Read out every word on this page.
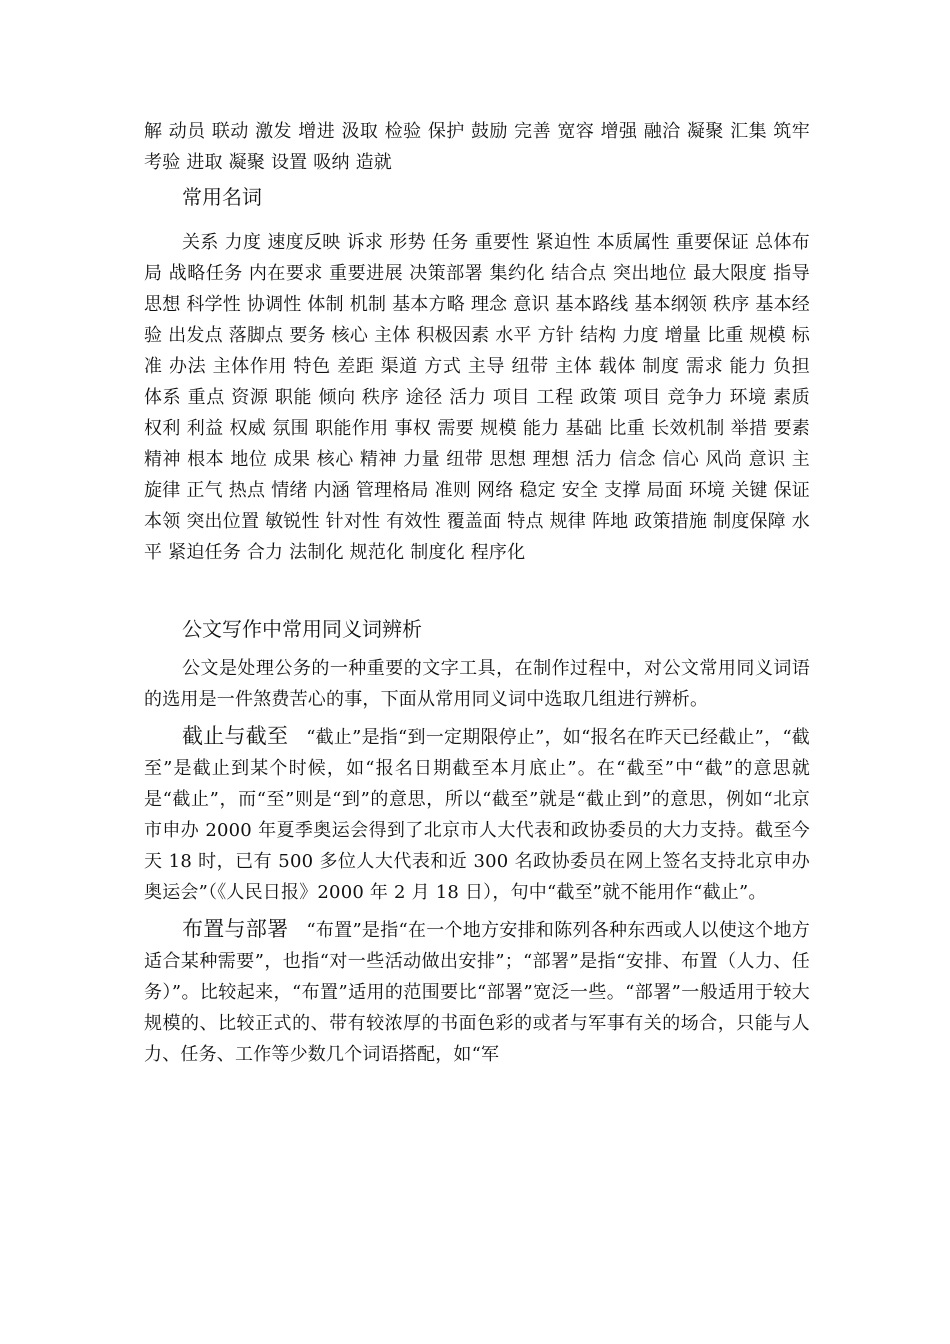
解 动员 联动 激发 增进 汲取 检验 保护 鼓励 完善 宽容 增强 融洽 凝聚 汇集 筑牢 考验 进取 凝聚 设置 吸纳 造就

常用名词

关系 力度 速度反映 诉求 形势 任务 重要性 紧迫性 本质属性 重要保证 总体布局 战略任务 内在要求 重要进展 决策部署 集约化 结合点 突出地位 最大限度 指导思想 科学性 协调性 体制 机制 基本方略 理念 意识 基本路线 基本纲领 秩序 基本经验 出发点 落脚点 要务 核心 主体 积极因素 水平 方针 结构 力度 增量 比重 规模 标准 办法 主体作用 特色 差距 渠道 方式 主导 纽带 主体 载体 制度 需求 能力 负担 体系 重点 资源 职能 倾向 秩序 途径 活力 项目 工程 政策 项目 竞争力 环境 素质 权利 利益 权威 氛围 职能作用 事权 需要 规模 能力 基础 比重 长效机制 举措 要素 精神 根本 地位 成果 核心 精神 力量 纽带 思想 理想 活力 信念 信心 风尚 意识 主旋律 正气 热点 情绪 内涵 管理格局 准则 网络 稳定 安全 支撑 局面 环境 关键 保证 本领 突出位置 敏锐性 针对性 有效性 覆盖面 特点 规律 阵地 政策措施 制度保障 水平 紧迫任务 合力 法制化 规范化 制度化 程序化

公文写作中常用同义词辨析

公文是处理公务的一种重要的文字工具，在制作过程中，对公文常用同义词语的选用是一件煞费苦心的事，下面从常用同义词中选取几组进行辨析。

截止与截至 “截止”是指“到一定期限停止”，如“报名在昨天已经截止”，“截至”是截止到某个时候，如“报名日期截至本月底止”。在“截至”中“截”的意思就是“截止”，而“至”则是“到”的意思，所以“截至”就是“截止到”的意思，例如“北京市申办 2000 年夏季奥运会得到了北京市人大代表和政协委员的大力支持。截至今天 18 时，已有 500 多位人大代表和近 300 名政协委员在网上签名支持北京申办奥运会”（《人民日报》2000 年 2 月 18 日），句中“截至”就不能用作“截止”。

布置与部署 “布置”是指“在一个地方安排和陈列各种东西或人以使这个地方适合某种需要”，也指“对一些活动做出安排”；“部署”是指“安排、布置（人力、任务）”。比较起来，“布置”适用的范围要比“部署”宽泛一些。“部署”一般适用于较大规模的、比较正式的、带有较浓厚的书面色彩的或者与军事有关的场合，只能与人力、任务、工作等少数几个词语搭配，如“军
